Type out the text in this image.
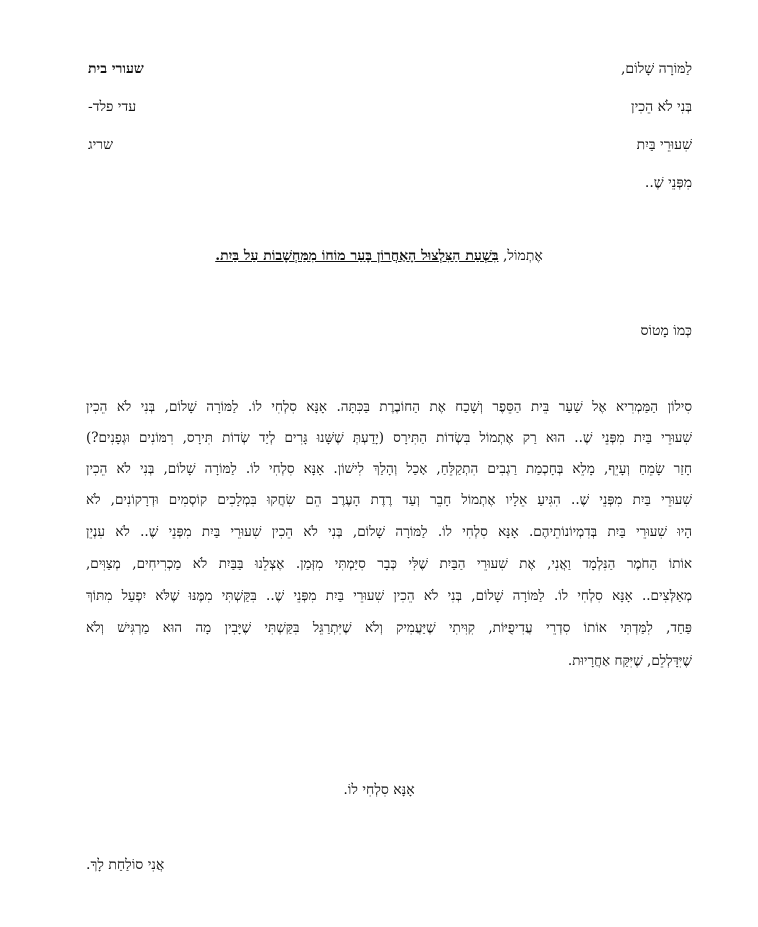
שעורי בית
עדי פלד-
שריג
לַמּוֹרָה שָׁלוֹם,
בְּנִי לֹא הֵכִין
שִׁעוּרֵי בַּיִת
מִפְּנֵי שֶׁ..
אֶתְמוֹל, בִּשְׁעַת הַצִּלְצוּל הָאַחֲרוֹן בָּעַר מוֹחוֹ מִמַּחְשָׁבוֹת עַל בַּיִת.
כְּמוֹ מָטוֹס
סִילוֹן הַמַּמְרִיא אֶל שַׁעַר בֵּית הַסֵּפֶר וְשָׁכַח אֶת הַחוֹבֶרֶת בַּכִּתָּה. אָנָּא סִלְחִי לוֹ. לַמּוֹרָה שָׁלוֹם, בְּנִי לֹא הֵכִין
שִׁעוּרֵי בַּיִת מִפְּנֵי שֶׁ.. הוּא רַק אֶתְמוֹל בִּשְׂדוֹת הַתִּירָס (יָדַעְתְּ שֶׁשָּׁנוּ גָּרִים לְיַד שְׂדוֹת תִּירָס, רִמּוֹנִים וּגְפָנִים?)
חָזַר שָׂמֵחַ וְעָיֵף, מָלֵא בְּחָכְמַת רַגְבִים הִתְקַלֵּחַ, אָכַל וְהָלַךְ לִישׁוֹן. אָנָּא סִלְחִי לוֹ. לַמּוֹרָה שָׁלוֹם, בְּנִי לֹא הֵכִין
שִׁעוּרֵי בַּיִת מִפְּנֵי שֶׁ.. הִגִּיעַ אֵלָיו אֶתְמוֹל חָבֵר וְעַד רֶדֶת הָעֶרֶב הֵם שִׂחֲקוּ בִּמְלָכִים קוֹסְמִים וּדְרָקוֹנִים, לֹא
הָיוּ שִׁעוּרֵי בַּיִת בְּדִמְיוֹנוֹתֵיהֶם. אָנָּא סִלְחִי לוֹ. לַמּוֹרָה שָׁלוֹם, בְּנִי לֹא הֵכִין שִׁעוּרֵי בַּיִת מִפְּנֵי שֶׁ.. לֹא עִנְיֵן
אוֹתוֹ הַחֹמֶר הַנִּלְמָד וַאֲנִי, אֶת שִׁעוּרֵי הַבַּיִת שֶׁלִּי כְּבָר סִיַּמְתִּי מִזְּמַן. אֶצְלֵנוּ בַּבַּיִת לֹא מַכְרִיחִים, מְצַוִּים,
מְאַלְּצִים.. אָנָּא סִלְחִי לוֹ. לַמּוֹרָה שָׁלוֹם, בְּנִי לֹא הֵכִין שִׁעוּרֵי בַּיִת מִפְּנֵי שֶׁ.. בִּקַּשְׁתִּי מִמֶּנּוּ שֶׁלֹּא יִפְעַל מִתּוֹךְ
פַּחַד, לִמַּדְתִּי אוֹתוֹ סִדְרֵי עֲדִיפֻיּוֹת, קִוִּיתִי שֶׁיַּעֲמִיק וְלֹא שֶׁיִּתְרַגֵּל בִּקַּשְׁתִּי שֶׁיָּבִין מָה הוּא מַרְגִּישׁ וְלֹא
שֶׁיִּדָּלְלֵם, שֶׁיִּקַּח אַחֲרָיוּת.
אָנָּא סִלְחִי לוֹ.
אֲנִי סוֹלַחַת לָךְ.
